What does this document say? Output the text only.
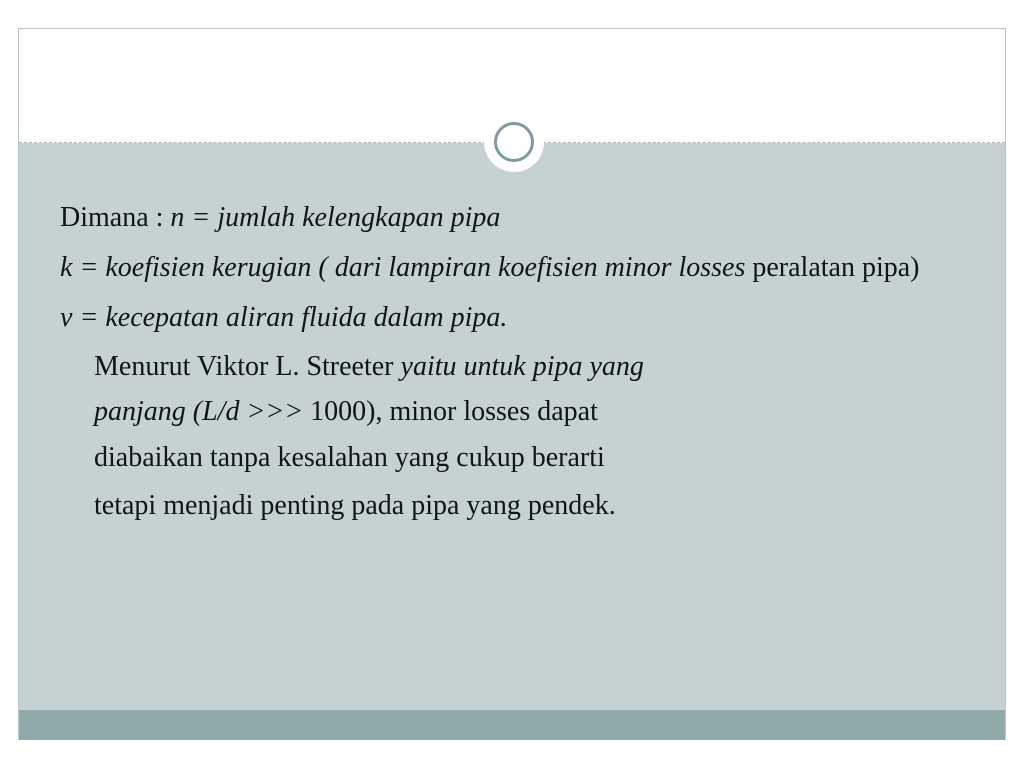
Dimana : n = jumlah kelengkapan pipa

k = koefisien kerugian ( dari lampiran koefisien minor losses peralatan pipa)

v = kecepatan aliran fluida dalam pipa.

Menurut Viktor L. Streeter yaitu untuk pipa yang

panjang (L/d >>> 1000), minor losses dapat

diabaikan tanpa kesalahan yang cukup berarti

tetapi menjadi penting pada pipa yang pendek.
